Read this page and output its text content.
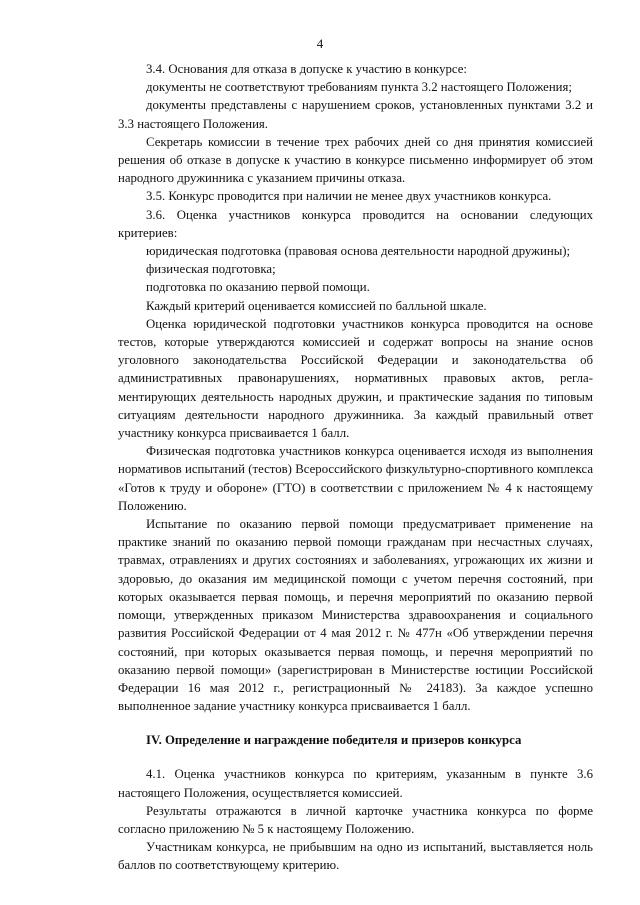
4

3.4. Основания для отказа в допуске к участию в конкурсе:

документы не соответствуют требованиям пункта 3.2 настоящего Положения;

документы представлены с нарушением сроков, установленных пунктами 3.2 и 3.3 настоящего Положения.

Секретарь комиссии в течение трех рабочих дней со дня принятия комиссией решения об отказе в допуске к участию в конкурсе письменно информирует об этом народного дружинника с указанием причины отказа.

3.5. Конкурс проводится при наличии не менее двух участников конкурса.

3.6. Оценка участников конкурса проводится на основании следующих критериев:

юридическая подготовка (правовая основа деятельности народной дружины);

физическая подготовка;

подготовка по оказанию первой помощи.

Каждый критерий оценивается комиссией по балльной шкале.

Оценка юридической подготовки участников конкурса проводится на основе тестов, которые утверждаются комиссией и содержат вопросы на знание основ уголовного законодательства Российской Федерации и законодательства об административных правонарушениях, нормативных правовых актов, регламентирующих деятельность народных дружин, и практические задания по типовым ситуациям деятельности народного дружинника. За каждый правильный ответ участнику конкурса присваивается 1 балл.

Физическая подготовка участников конкурса оценивается исходя из выполнения нормативов испытаний (тестов) Всероссийского физкультурно-спортивного комплекса «Готов к труду и обороне» (ГТО) в соответствии с приложением № 4 к настоящему Положению.

Испытание по оказанию первой помощи предусматривает применение на практике знаний по оказанию первой помощи гражданам при несчастных случаях, травмах, отравлениях и других состояниях и заболеваниях, угрожающих их жизни и здоровью, до оказания им медицинской помощи с учетом перечня состояний, при которых оказывается первая помощь, и перечня мероприятий по оказанию первой помощи, утвержденных приказом Министерства здравоохранения и социального развития Российской Федерации от 4 мая 2012 г. № 477н «Об утверждении перечня состояний, при которых оказывается первая помощь, и перечня мероприятий по оказанию первой помощи» (зарегистрирован в Министерстве юстиции Российской Федерации 16 мая 2012 г., регистрационный № 24183). За каждое успешно выполненное задание участнику конкурса присваивается 1 балл.

IV. Определение и награждение победителя и призеров конкурса

4.1. Оценка участников конкурса по критериям, указанным в пункте 3.6 настоящего Положения, осуществляется комиссией.

Результаты отражаются в личной карточке участника конкурса по форме согласно приложению № 5 к настоящему Положению.

Участникам конкурса, не прибывшим на одно из испытаний, выставляется ноль баллов по соответствующему критерию.
